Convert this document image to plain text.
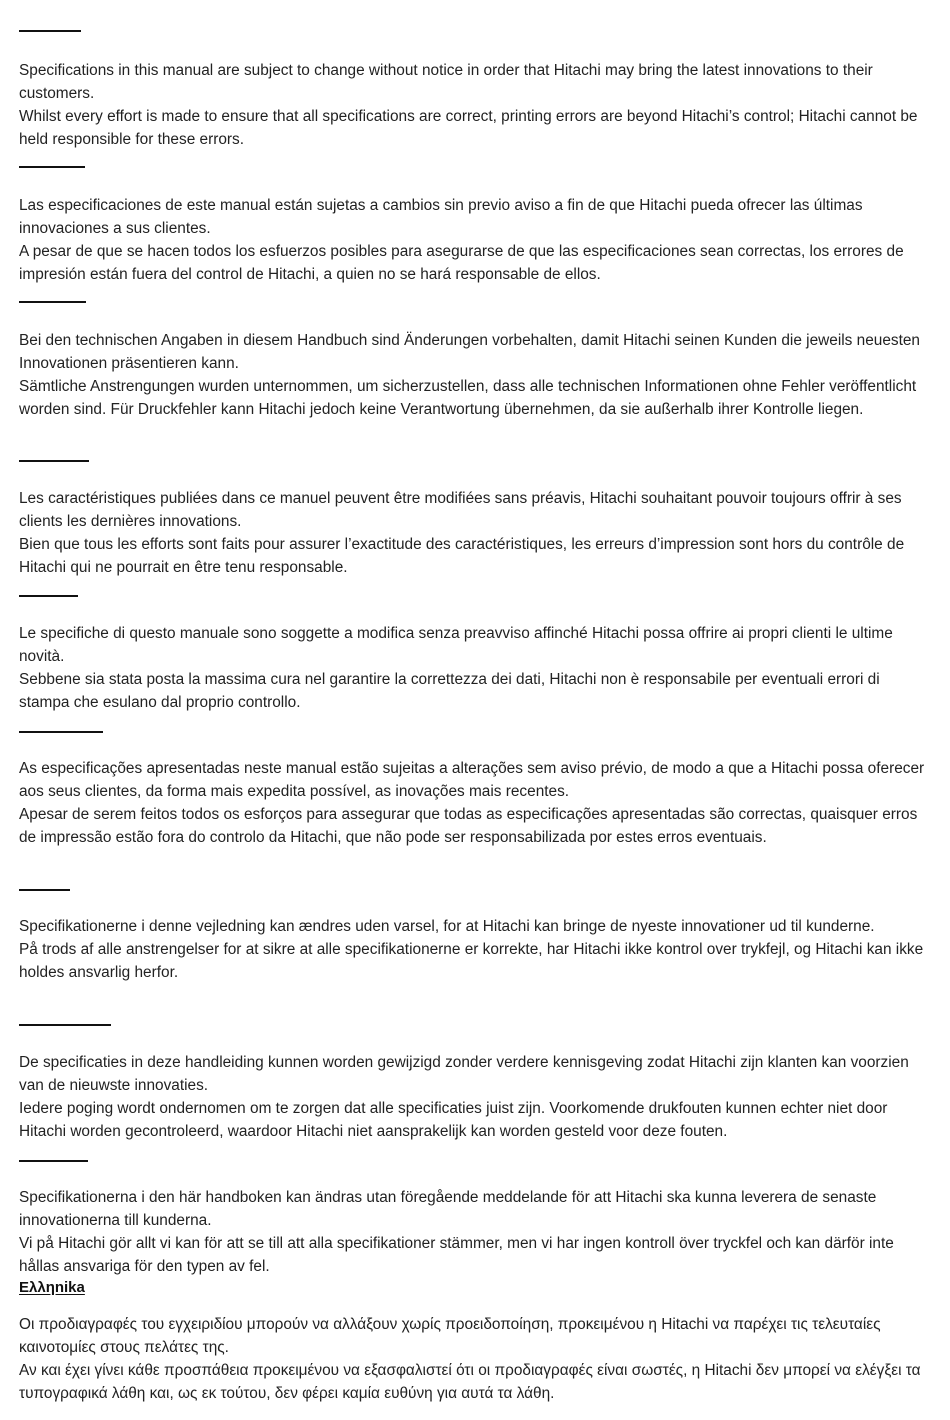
Specifications in this manual are subject to change without notice in order that Hitachi may bring the latest innovations to their customers.

Whilst every effort is made to ensure that all specifications are correct, printing errors are beyond Hitachi’s control; Hitachi cannot be held responsible for these errors.

Las especificaciones de este manual están sujetas a cambios sin previo aviso a fin de que Hitachi pueda ofrecer las últimas innovaciones a sus clientes.

A pesar de que se hacen todos los esfuerzos posibles para asegurarse de que las especificaciones sean correctas, los errores de impresión están fuera del control de Hitachi, a quien no se hará responsable de ellos.

Bei den technischen Angaben in diesem Handbuch sind Änderungen vorbehalten, damit Hitachi seinen Kunden die jeweils neuesten Innovationen präsentieren kann.

Sämtliche Anstrengungen wurden unternommen, um sicherzustellen, dass alle technischen Informationen ohne Fehler veröffentlicht worden sind. Für Druckfehler kann Hitachi jedoch keine Verantwortung übernehmen, da sie außerhalb ihrer Kontrolle liegen.

Les caractéristiques publiées dans ce manuel peuvent être modifiées sans préavis, Hitachi souhaitant pouvoir toujours offrir à ses clients les dernières innovations.

Bien que tous les efforts sont faits pour assurer l’exactitude des caractéristiques, les erreurs d’impression sont hors du contrôle de Hitachi qui ne pourrait en être tenu responsable.

Le specifiche di questo manuale sono soggette a modifica senza preavviso affinché Hitachi possa offrire ai propri clienti le ultime novità.

Sebbene sia stata posta la massima cura nel garantire la correttezza dei dati, Hitachi non è responsabile per eventuali errori di stampa che esulano dal proprio controllo.

As especificações apresentadas neste manual estão sujeitas a alterações sem aviso prévio, de modo a que a Hitachi possa oferecer aos seus clientes, da forma mais expedita possível, as inovações mais recentes.

Apesar de serem feitos todos os esforços para assegurar que todas as especificações apresentadas são correctas, quaisquer erros de impressão estão fora do controlo da Hitachi, que não pode ser responsabilizada por estes erros eventuais.

Specifikationerne i denne vejledning kan ændres uden varsel, for at Hitachi kan bringe de nyeste innovationer ud til kunderne.

På trods af alle anstrengelser for at sikre at alle specifikationerne er korrekte, har Hitachi ikke kontrol over trykfejl, og Hitachi kan ikke holdes ansvarlig herfor.

De specificaties in deze handleiding kunnen worden gewijzigd zonder verdere kennisgeving zodat Hitachi zijn klanten kan voorzien van de nieuwste innovaties.

Iedere poging wordt ondernomen om te zorgen dat alle specificaties juist zijn. Voorkomende drukfouten kunnen echter niet door Hitachi worden gecontroleerd, waardoor Hitachi niet aansprakelijk kan worden gesteld voor deze fouten.

Specifikationerna i den här handboken kan ändras utan föregående meddelande för att Hitachi ska kunna leverera de senaste innovationerna till kunderna.

Vi på Hitachi gör allt vi kan för att se till att alla specifikationer stämmer, men vi har ingen kontroll över tryckfel och kan därför inte hållas ansvariga för den typen av fel.

Ελληnika

Οι προδιαγραφές του εγχειριδίου μπορούν να αλλάξουν χωρίς προειδοποίηση, προκειμένου η Hitachi να παρέχει τις τελευταίες καινοτομίες στους πελάτες της.

Αν και έχει γίνει κάθε προσπάθεια προκειμένου να εξασφαλιστεί ότι οι προδιαγραφές είναι σωστές, η Hitachi δεν μπορεί να ελέγξει τα τυπογραφικά λάθη και, ως εκ τούτου, δεν φέρει καμία ευθύνη για αυτά τα λάθη.
